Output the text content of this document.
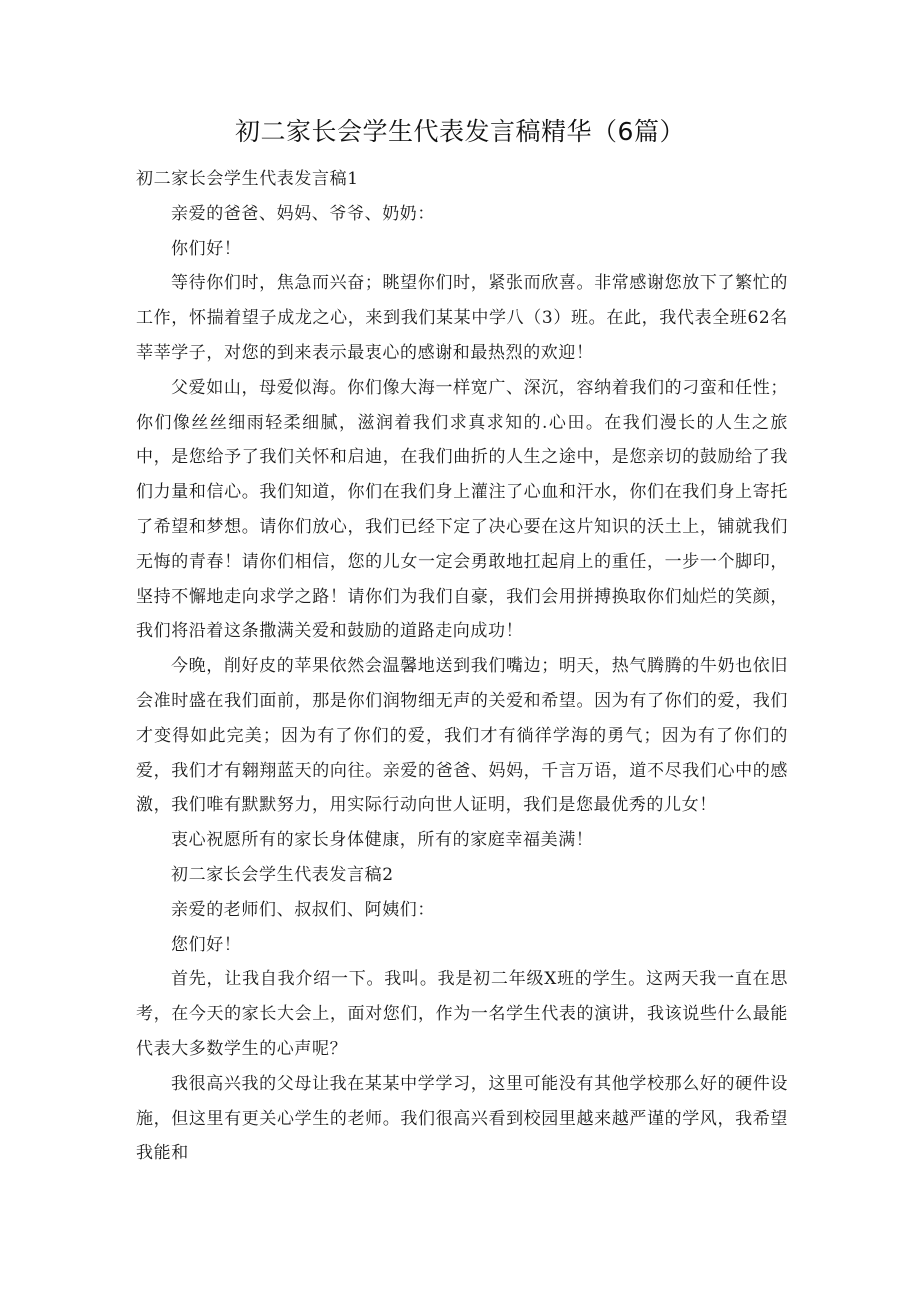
初二家长会学生代表发言稿精华（6篇）

初二家长会学生代表发言稿1

亲爱的爸爸、妈妈、爷爷、奶奶：

你们好！

等待你们时，焦急而兴奋；眺望你们时，紧张而欣喜。非常感谢您放下了繁忙的工作，怀揣着望子成龙之心，来到我们某某中学八（3）班。在此，我代表全班62名莘莘学子，对您的到来表示最衷心的感谢和最热烈的欢迎！

父爱如山，母爱似海。你们像大海一样宽广、深沉，容纳着我们的刁蛮和任性；你们像丝丝细雨轻柔细腻，滋润着我们求真求知的.心田。在我们漫长的人生之旅中，是您给予了我们关怀和启迪，在我们曲折的人生之途中，是您亲切的鼓励给了我们力量和信心。我们知道，你们在我们身上灌注了心血和汗水，你们在我们身上寄托了希望和梦想。请你们放心，我们已经下定了决心要在这片知识的沃土上，铺就我们无悔的青春！请你们相信，您的儿女一定会勇敢地扛起肩上的重任，一步一个脚印，坚持不懈地走向求学之路！请你们为我们自豪，我们会用拼搏换取你们灿烂的笑颜，我们将沿着这条撒满关爱和鼓励的道路走向成功！

今晚，削好皮的苹果依然会温馨地送到我们嘴边；明天，热气腾腾的牛奶也依旧会准时盛在我们面前，那是你们润物细无声的关爱和希望。因为有了你们的爱，我们才变得如此完美；因为有了你们的爱，我们才有徜徉学海的勇气；因为有了你们的爱，我们才有翱翔蓝天的向往。亲爱的爸爸、妈妈，千言万语，道不尽我们心中的感激，我们唯有默默努力，用实际行动向世人证明，我们是您最优秀的儿女！

衷心祝愿所有的家长身体健康，所有的家庭幸福美满！

初二家长会学生代表发言稿2

亲爱的老师们、叔叔们、阿姨们：

您们好！

首先，让我自我介绍一下。我叫。我是初二年级X班的学生。这两天我一直在思考，在今天的家长大会上，面对您们，作为一名学生代表的演讲，我该说些什么最能代表大多数学生的心声呢？

我很高兴我的父母让我在某某中学学习，这里可能没有其他学校那么好的硬件设施，但这里有更关心学生的老师。我们很高兴看到校园里越来越严谨的学风，我希望我能和
